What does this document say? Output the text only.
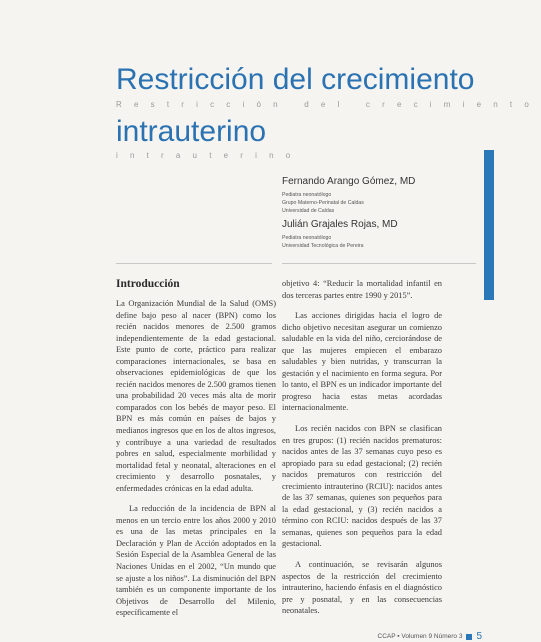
Restricción del crecimiento
Restricción del crecimiento
intrauterino
intrauterino
Fernando Arango Gómez, MD
Pediatra neonatólogo
Grupo Materno-Perinatal de Caldas
Universidad de Caldas
Julián Grajales Rojas, MD
Pediatra neonatólogo
Universidad Tecnológica de Pereira
Introducción

La Organización Mundial de la Salud (OMS) define bajo peso al nacer (BPN) como los recién nacidos menores de 2.500 gramos independientemente de la edad gestacional. Este punto de corte, práctico para realizar comparaciones internacionales, se basa en observaciones epidemiológicas de que los recién nacidos menores de 2.500 gramos tienen una probabilidad 20 veces más alta de morir comparados con los bebés de mayor peso. El BPN es más común en países de bajos y medianos ingresos que en los de altos ingresos, y contribuye a una variedad de resultados pobres en salud, especialmente morbilidad y mortalidad fetal y neonatal, alteraciones en el crecimiento y desarrollo posnatales, y enfermedades crónicas en la edad adulta.

La reducción de la incidencia de BPN al menos en un tercio entre los años 2000 y 2010 es una de las metas principales en la Declaración y Plan de Acción adoptados en la Sesión Especial de la Asamblea General de las Naciones Unidas en el 2002, “Un mundo que se ajuste a los niños”. La disminución del BPN también es un componente importante de los Objetivos de Desarrollo del Milenio, específicamente el

objetivo 4: “Reducir la mortalidad infantil en dos terceras partes entre 1990 y 2015”.

Las acciones dirigidas hacia el logro de dicho objetivo necesitan asegurar un comienzo saludable en la vida del niño, cerciorándose de que las mujeres empiecen el embarazo saludables y bien nutridas, y transcurran la gestación y el nacimiento en forma segura. Por lo tanto, el BPN es un indicador importante del progreso hacia estas metas acordadas internacionalmente.

Los recién nacidos con BPN se clasifican en tres grupos: (1) recién nacidos prematuros: nacidos antes de las 37 semanas cuyo peso es apropiado para su edad gestacional; (2) recién nacidos prematuros con restricción del crecimiento intrauterino (RCIU): nacidos antes de las 37 semanas, quienes son pequeños para la edad gestacional, y (3) recién nacidos a término con RCIU: nacidos después de las 37 semanas, quienes son pequeños para la edad gestacional.

A continuación, se revisarán algunos aspectos de la restricción del crecimiento intrauterino, haciendo énfasis en el diagnóstico pre y posnatal, y en las consecuencias neonatales.

CCAP ▪ Volumen 9 Número 3 5
